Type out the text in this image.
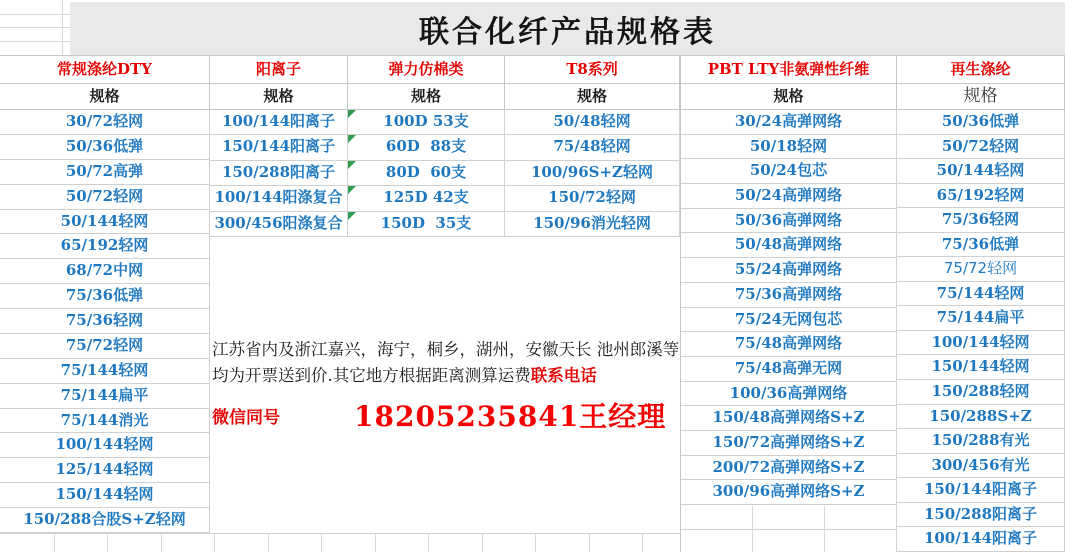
联合化纤产品规格表
常规涤纶DTY
规格
30/72轻网
50/36低弹
50/72高弹
50/72轻网
50/144轻网
65/192轻网
68/72中网
75/36低弹
75/36轻网
75/72轻网
75/144轻网
75/144扁平
75/144消光
100/144轻网
125/144轻网
150/144轻网
150/288合股S+Z轻网
阳离子
规格
100/144阳离子
150/144阳离子
150/288阳离子
100/144阳涤复合
300/456阳涤复合
弹力仿棉类
规格
100D 53支
60D  88支
80D  60支
125D 42支
150D  35支
T8系列
规格
50/48轻网
75/48轻网
100/96S+Z轻网
150/72轻网
150/96消光轻网
PBT LTY非氨弹性纤维
规格
30/24高弹网络
50/18轻网
50/24包芯
50/24高弹网络
50/36高弹网络
50/48高弹网络
55/24高弹网络
75/36高弹网络
75/24无网包芯
75/48高弹网络
75/48高弹无网
100/36高弹网络
150/48高弹网络S+Z
150/72高弹网络S+Z
200/72高弹网络S+Z
300/96高弹网络S+Z
再生涤纶
规格
50/36低弹
50/72轻网
50/144轻网
65/192轻网
75/36轻网
75/36低弹
75/72轻网
75/144轻网
75/144扁平
100/144轻网
150/144轻网
150/288轻网
150/288S+Z
150/288有光
300/456有光
150/144阳离子
150/288阳离子
100/144阳离子
江苏省内及浙江嘉兴，海宁，桐乡，湖州，安徽天长 池州郎溪等
均为开票送到价.其它地方根据距离测算运费联系电话
微信同号	18205235841王经理
